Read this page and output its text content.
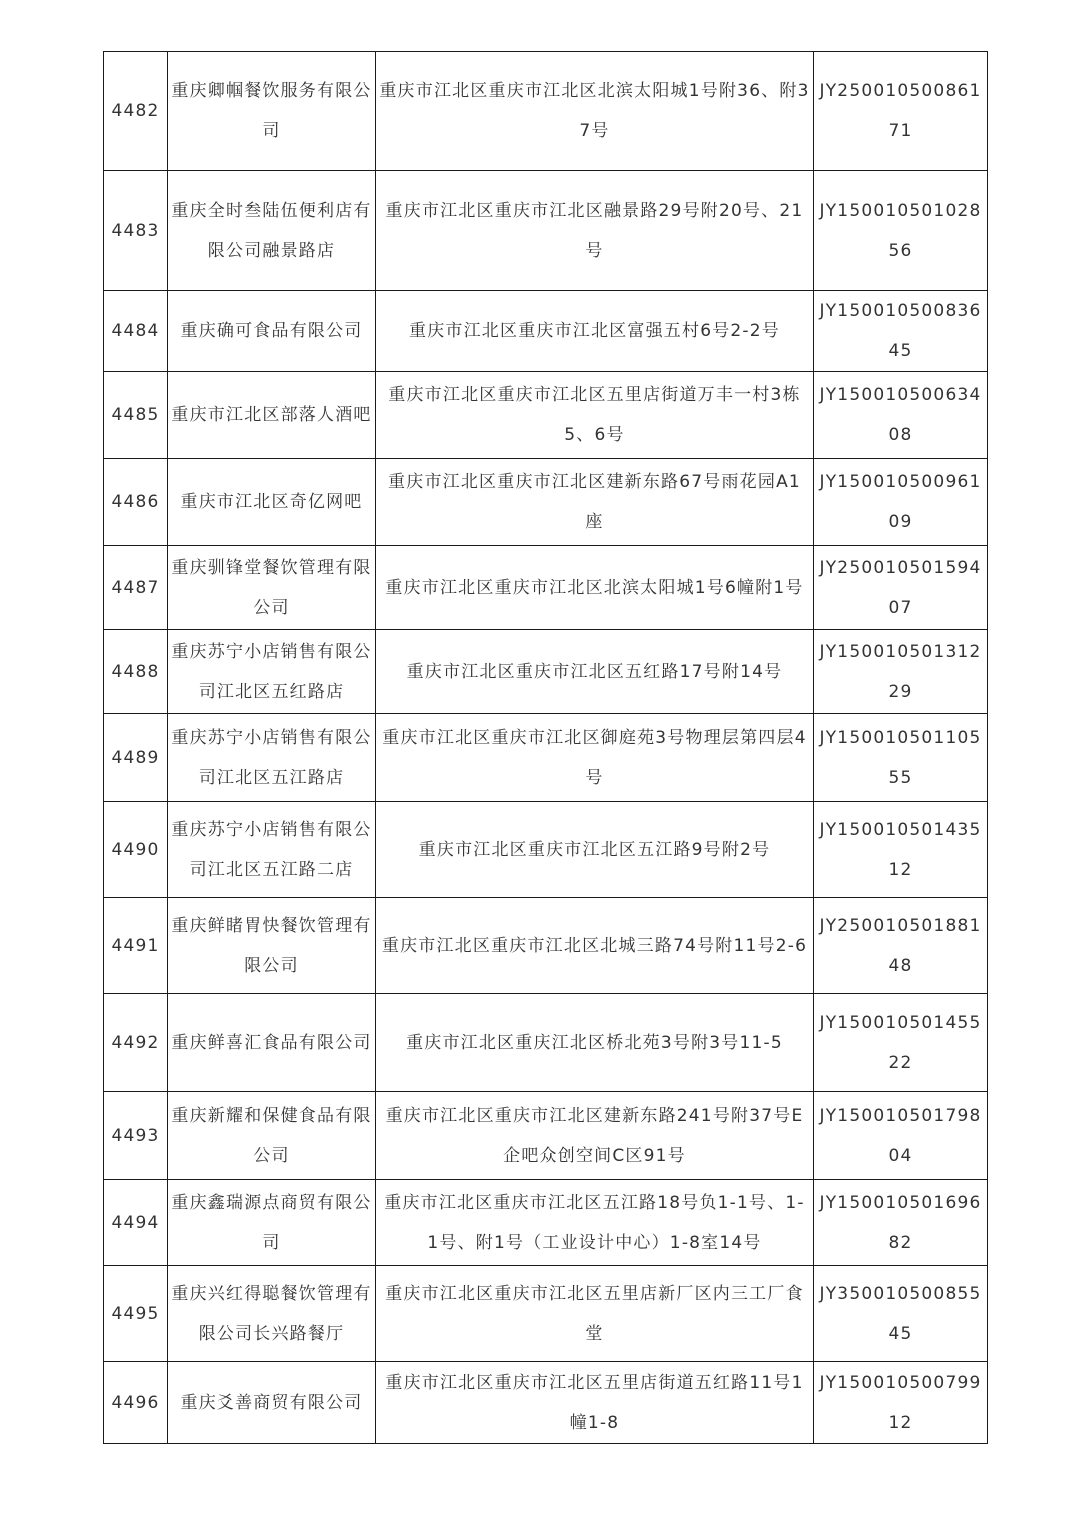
4482	重庆卿帼餐饮服务有限公司	重庆市江北区重庆市江北区北滨太阳城1号附36、附37号	JY25001050086171
4483	重庆全时叁陆伍便利店有限公司融景路店	重庆市江北区重庆市江北区融景路29号附20号、21号	JY15001050102856
4484	重庆确可食品有限公司	重庆市江北区重庆市江北区富强五村6号2-2号	JY15001050083645
4485	重庆市江北区部落人酒吧	重庆市江北区重庆市江北区五里店街道万丰一村3栋5、6号	JY15001050063408
4486	重庆市江北区奇亿网吧	重庆市江北区重庆市江北区建新东路67号雨花园A1座	JY15001050096109
4487	重庆驯锋堂餐饮管理有限公司	重庆市江北区重庆市江北区北滨太阳城1号6幢附1号	JY25001050159407
4488	重庆苏宁小店销售有限公司江北区五红路店	重庆市江北区重庆市江北区五红路17号附14号	JY15001050131229
4489	重庆苏宁小店销售有限公司江北区五江路店	重庆市江北区重庆市江北区御庭苑3号物理层第四层4号	JY15001050110555
4490	重庆苏宁小店销售有限公司江北区五江路二店	重庆市江北区重庆市江北区五江路9号附2号	JY15001050143512
4491	重庆鲜睹胃快餐饮管理有限公司	重庆市江北区重庆市江北区北城三路74号附11号2-6	JY25001050188148
4492	重庆鲜喜汇食品有限公司	重庆市江北区重庆江北区桥北苑3号附3号11-5	JY15001050145522
4493	重庆新耀和保健食品有限公司	重庆市江北区重庆市江北区建新东路241号附37号E企吧众创空间C区91号	JY15001050179804
4494	重庆鑫瑞源点商贸有限公司	重庆市江北区重庆市江北区五江路18号负1-1号、1-1号、附1号（工业设计中心）1-8室14号	JY15001050169682
4495	重庆兴红得聪餐饮管理有限公司长兴路餐厅	重庆市江北区重庆市江北区五里店新厂区内三工厂食堂	JY35001050085545
4496	重庆爻善商贸有限公司	重庆市江北区重庆市江北区五里店街道五红路11号1幢1-8	JY15001050079912
